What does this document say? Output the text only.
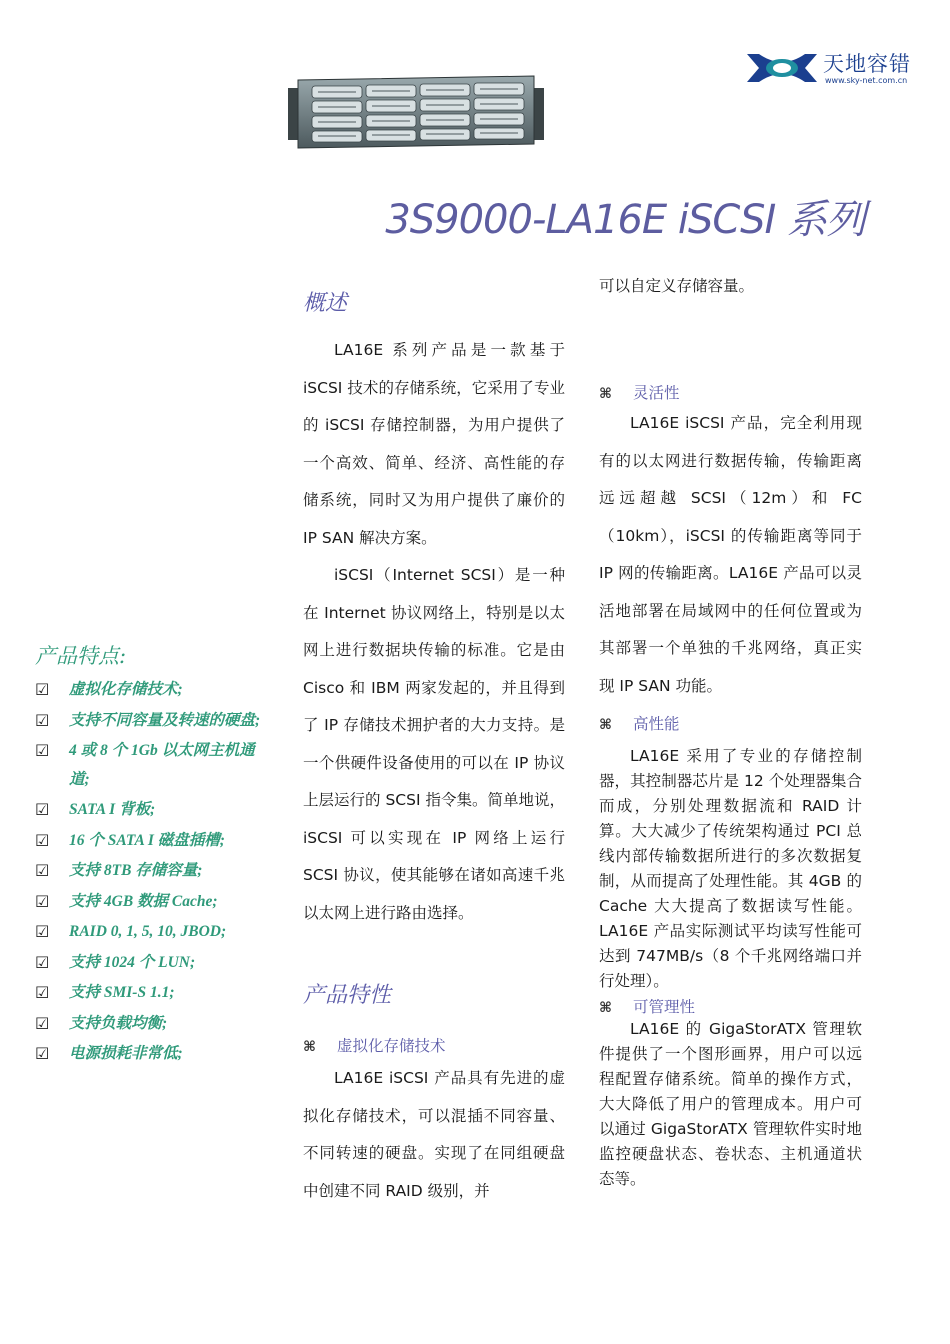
天地容错
www.sky-net.com.cn
3S9000-LA16E iSCSI 系列
产品特点:
☑ 虚拟化存储技术;
☑ 支持不同容量及转速的硬盘;
☑ 4 或 8 个 1Gb 以太网主机通道;
☑ SATA I 背板;
☑ 16 个 SATA I 磁盘插槽;
☑ 支持 8TB 存储容量;
☑ 支持 4GB 数据 Cache;
☑ RAID 0, 1, 5, 10, JBOD;
☑ 支持 1024 个 LUN;
☑ 支持 SMI-S 1.1;
☑ 支持负载均衡;
☑ 电源损耗非常低;
概述

LA16E 系列产品是一款基于 iSCSI 技术的存储系统，它采用了专业的 iSCSI 存储控制器，为用户提供了一个高效、简单、经济、高性能的存储系统，同时又为用户提供了廉价的 IP SAN 解决方案。

iSCSI（Internet SCSI）是一种在 Internet 协议网络上，特别是以太网上进行数据块传输的标准。它是由 Cisco 和 IBM 两家发起的，并且得到了 IP 存储技术拥护者的大力支持。是一个供硬件设备使用的可以在 IP 协议上层运行的 SCSI 指令集。简单地说，iSCSI 可以实现在 IP 网络上运行 SCSI 协议，使其能够在诸如高速千兆以太网上进行路由选择。

产品特性
⌘ 虚拟化存储技术

LA16E iSCSI 产品具有先进的虚拟化存储技术，可以混插不同容量、不同转速的硬盘。实现了在同组硬盘中创建不同 RAID 级别，并

可以自定义存储容量。

⌘ 灵活性

LA16E iSCSI 产品，完全利用现有的以太网进行数据传输，传输距离远远超越 SCSI（12m）和 FC（10km），iSCSI 的传输距离等同于 IP 网的传输距离。LA16E 产品可以灵活地部署在局域网中的任何位置或为其部署一个单独的千兆网络，真正实现 IP SAN 功能。

⌘ 高性能

LA16E 采用了专业的存储控制器，其控制器芯片是 12 个处理器集合而成，分别处理数据流和 RAID 计算。大大减少了传统架构通过 PCI 总线内部传输数据所进行的多次数据复制，从而提高了处理性能。其 4GB 的 Cache 大大提高了数据读写性能。LA16E 产品实际测试平均读写性能可达到 747MB/s（8 个千兆网络端口并行处理）。

⌘ 可管理性

LA16E 的 GigaStorATX 管理软件提供了一个图形画界，用户可以远程配置存储系统。简单的操作方式，大大降低了用户的管理成本。用户可以通过 GigaStorATX 管理软件实时地监控硬盘状态、卷状态、主机通道状态等。
